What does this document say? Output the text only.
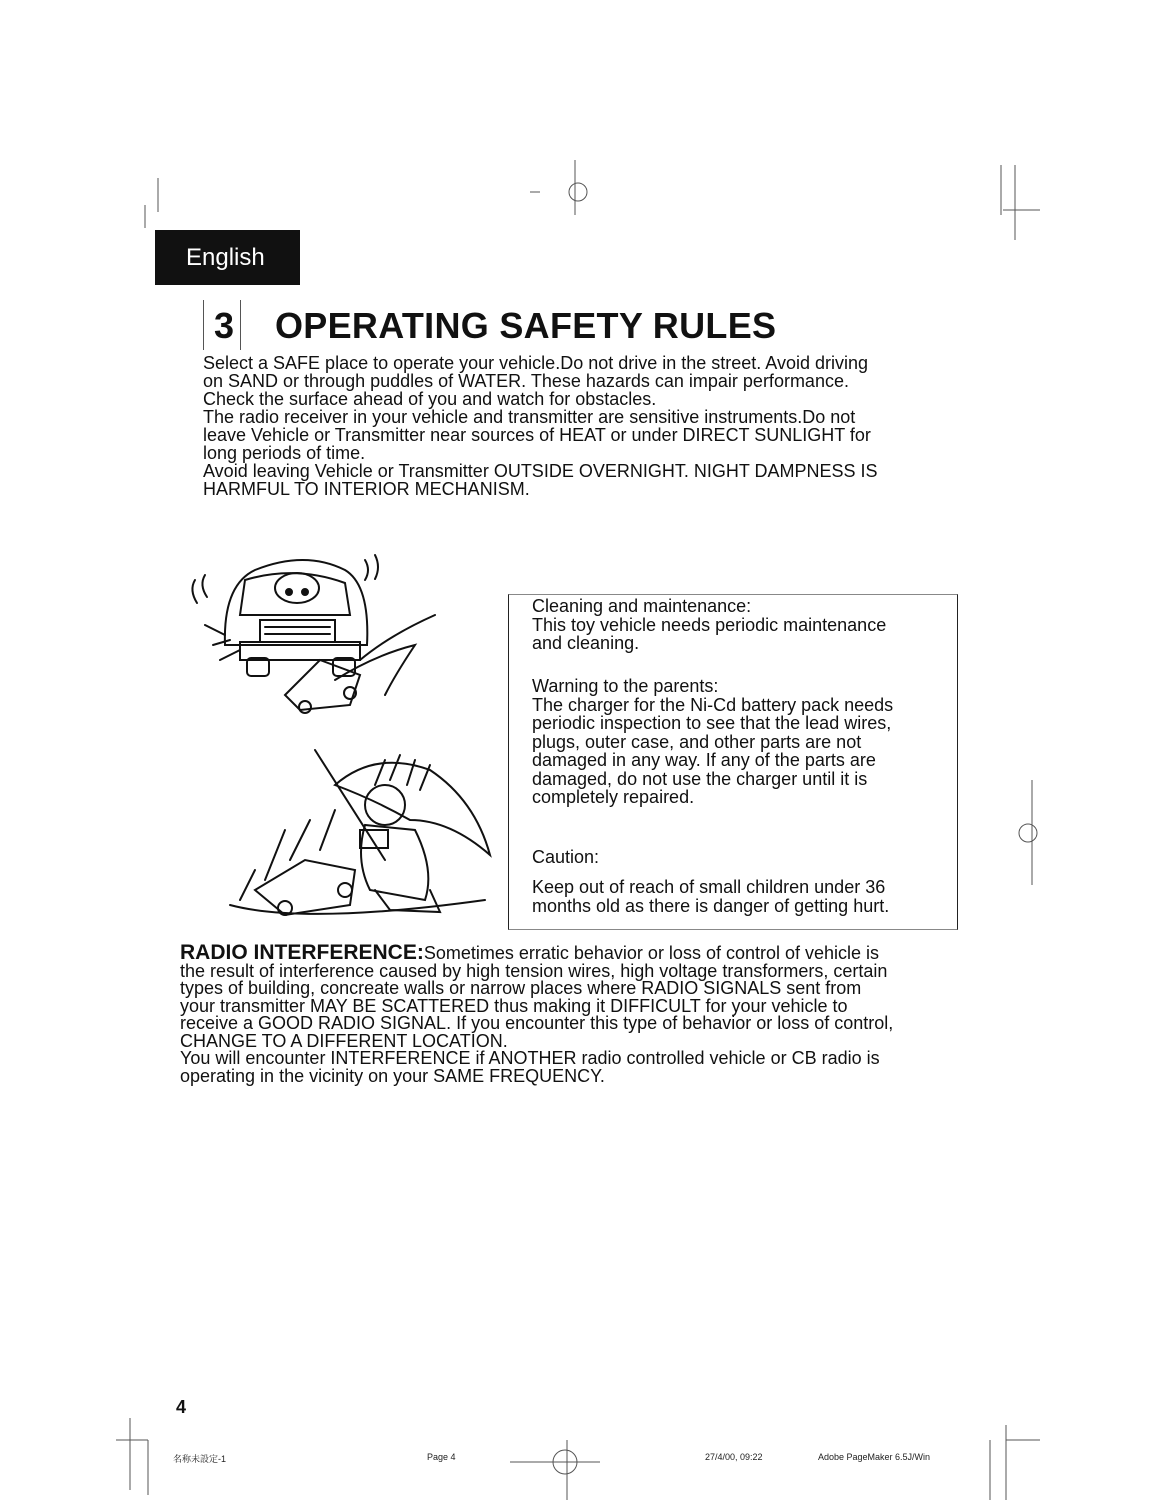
English
3 OPERATING SAFETY RULES

Select a SAFE place to operate your vehicle.Do not drive in the street. Avoid driving

on SAND or through puddles of WATER. These hazards can impair performance.

Check the surface ahead of you and watch for obstacles.

The radio receiver in your vehicle and transmitter are sensitive instruments.Do not

leave Vehicle or Transmitter near sources of HEAT or under DIRECT SUNLIGHT for

long periods of time.

Avoid leaving Vehicle or Transmitter OUTSIDE OVERNIGHT. NIGHT DAMPNESS IS

HARMFUL TO INTERIOR MECHANISM.

Cleaning and maintenance:

This toy vehicle needs periodic maintenance

and cleaning.

Warning to the parents:

The charger for the Ni-Cd battery pack needs

periodic inspection to see that the lead wires,

plugs, outer case, and other parts are not

damaged in any way. If any of the parts are

damaged, do not use the charger until it is

completely repaired.

Caution:

Keep out of reach of small children under 36

months old as there is danger of getting hurt.

RADIO INTERFERENCE:Sometimes erratic behavior or loss of control of vehicle is

the result of interference caused by high tension wires, high voltage transformers, certain

types of building, concreate walls or narrow places where RADIO SIGNALS sent from

your transmitter MAY BE SCATTERED thus making it DIFFICULT for your vehicle to

receive a GOOD RADIO SIGNAL. If you encounter this type of behavior or loss of control,

CHANGE TO A DIFFERENT LOCATION.

You will encounter INTERFERENCE if ANOTHER radio controlled vehicle or CB radio is

operating in the vicinity on your SAME FREQUENCY.

4
名称未設定-1	Page 4	27/4/00, 09:22	Adobe PageMaker 6.5J/Win
